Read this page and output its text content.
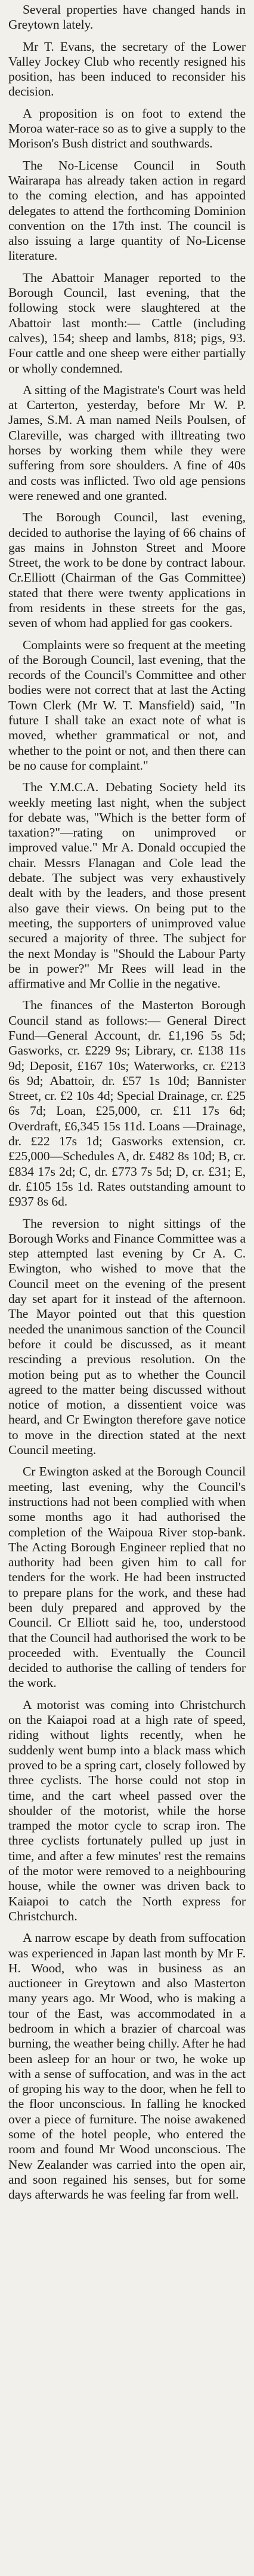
Several properties have changed hands in Greytown lately.

Mr T. Evans, the secretary of the Lower Valley Jockey Club who recently resigned his position, has been induced to reconsider his decision.

A proposition is on foot to extend the Moroa water-race so as to give a supply to the Morison's Bush district and southwards.

The No-License Council in South Wairarapa has already taken action in regard to the coming election, and has appointed delegates to attend the forthcoming Dominion convention on the 17th inst. The council is also issuing a large quantity of No-License literature.

The Abattoir Manager reported to the Borough Council, last evening, that the following stock were slaughtered at the Abattoir last month:— Cattle (including calves), 154; sheep and lambs, 818; pigs, 93. Four cattle and one sheep were either partially or wholly condemned.

A sitting of the Magistrate's Court was held at Carterton, yesterday, before Mr W. P. James, S.M. A man named Neils Poulsen, of Clareville, was charged with illtreating two horses by working them while they were suffering from sore shoulders. A fine of 40s and costs was inflicted. Two old age pensions were renewed and one granted.

The Borough Council, last evening, decided to authorise the laying of 66 chains of gas mains in Johnston Street and Moore Street, the work to be done by contract labour. Cr.Elliott (Chairman of the Gas Committee) stated that there were twenty applications in from residents in these streets for the gas, seven of whom had applied for gas cookers.

Complaints were so frequent at the meeting of the Borough Council, last evening, that the records of the Council's Committee and other bodies were not correct that at last the Acting Town Clerk (Mr W. T. Mansfield) said, "In future I shall take an exact note of what is moved, whether grammatical or not, and whether to the point or not, and then there can be no cause for complaint."

The Y.M.C.A. Debating Society held its weekly meeting last night, when the subject for debate was, "Which is the better form of taxation?"—rating on unimproved or improved value." Mr A. Donald occupied the chair. Messrs Flanagan and Cole lead the debate. The subject was very exhaustively dealt with by the leaders, and those present also gave their views. On being put to the meeting, the supporters of unimproved value secured a majority of three. The subject for the next Monday is "Should the Labour Party be in power?" Mr Rees will lead in the affirmative and Mr Collie in the negative.

The finances of the Masterton Borough Council stand as follows:— General Direct Fund—General Account, dr. £1,196 5s 5d; Gasworks, cr. £229 9s; Library, cr. £138 11s 9d; Deposit, £167 10s; Waterworks, cr. £213 6s 9d; Abattoir, dr. £57 1s 10d; Bannister Street, cr. £2 10s 4d; Special Drainage, cr. £25 6s 7d; Loan, £25,000, cr. £11 17s 6d; Overdraft, £6,345 15s 11d. Loans —Drainage, dr. £22 17s 1d; Gasworks extension, cr. £25,000—Schedules A, dr. £482 8s 10d; B, cr. £834 17s 2d; C, dr. £773 7s 5d; D, cr. £31; E, dr. £105 15s 1d. Rates outstanding amount to £937 8s 6d.

The reversion to night sittings of the Borough Works and Finance Committee was a step attempted last evening by Cr A. C. Ewington, who wished to move that the Council meet on the evening of the present day set apart for it instead of the afternoon. The Mayor pointed out that this question needed the unanimous sanction of the Council before it could be discussed, as it meant rescinding a previous resolution. On the motion being put as to whether the Council agreed to the matter being discussed without notice of motion, a dissentient voice was heard, and Cr Ewington therefore gave notice to move in the direction stated at the next Council meeting.

Cr Ewington asked at the Borough Council meeting, last evening, why the Council's instructions had not been complied with when some months ago it had authorised the completion of the Waipoua River stop-bank. The Acting Borough Engineer replied that no authority had been given him to call for tenders for the work. He had been instructed to prepare plans for the work, and these had been duly prepared and approved by the Council. Cr Elliott said he, too, understood that the Council had authorised the work to be proceeded with. Eventually the Council decided to authorise the calling of tenders for the work.

A motorist was coming into Christchurch on the Kaiapoi road at a high rate of speed, riding without lights recently, when he suddenly went bump into a black mass which proved to be a spring cart, closely followed by three cyclists. The horse could not stop in time, and the cart wheel passed over the shoulder of the motorist, while the horse tramped the motor cycle to scrap iron. The three cyclists fortunately pulled up just in time, and after a few minutes' rest the remains of the motor were removed to a neighbouring house, while the owner was driven back to Kaiapoi to catch the North express for Christchurch.

A narrow escape by death from suffocation was experienced in Japan last month by Mr F. H. Wood, who was in business as an auctioneer in Greytown and also Masterton many years ago. Mr Wood, who is making a tour of the East, was accommodated in a bedroom in which a brazier of charcoal was burning, the weather being chilly. After he had been asleep for an hour or two, he woke up with a sense of suffocation, and was in the act of groping his way to the door, when he fell to the floor unconscious. In falling he knocked over a piece of furniture. The noise awakened some of the hotel people, who entered the room and found Mr Wood unconscious. The New Zealander was carried into the open air, and soon regained his senses, but for some days afterwards he was feeling far from well.
